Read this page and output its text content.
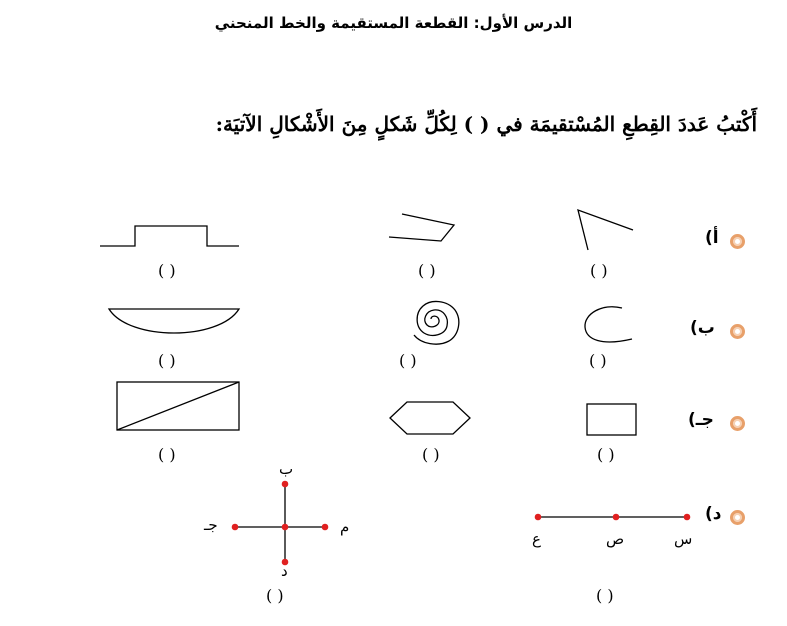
الدرس الأول: القطعة المستقيمة والخط المنحني
أَكْتبُ عَددَ القِطعِ المُسْتقيمَة في ( ) لِكُلِّ شَكلٍ مِنَ الأَشْكالِ الآتيَة:
أ)
ب)
جـ)
د)
س
ص
ع
ب
د
جـ	م
( )
( )
( )
( )
( )
( )
( )
( )
( )
( )
( )
